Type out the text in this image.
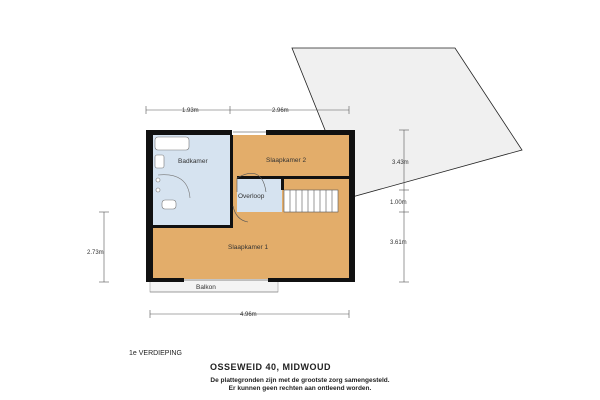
1.93m	2.96m
3.43m
1.00m
3.61m
2.73m
4.96m
Badkamer	Slaapkamer 2
Overloop
Slaapkamer 1
Balkon
1e VERDIEPING
OSSEWEID 40, MIDWOUD
De plattegronden zijn met de grootste zorg samengesteld.
Er kunnen geen rechten aan ontleend worden.
